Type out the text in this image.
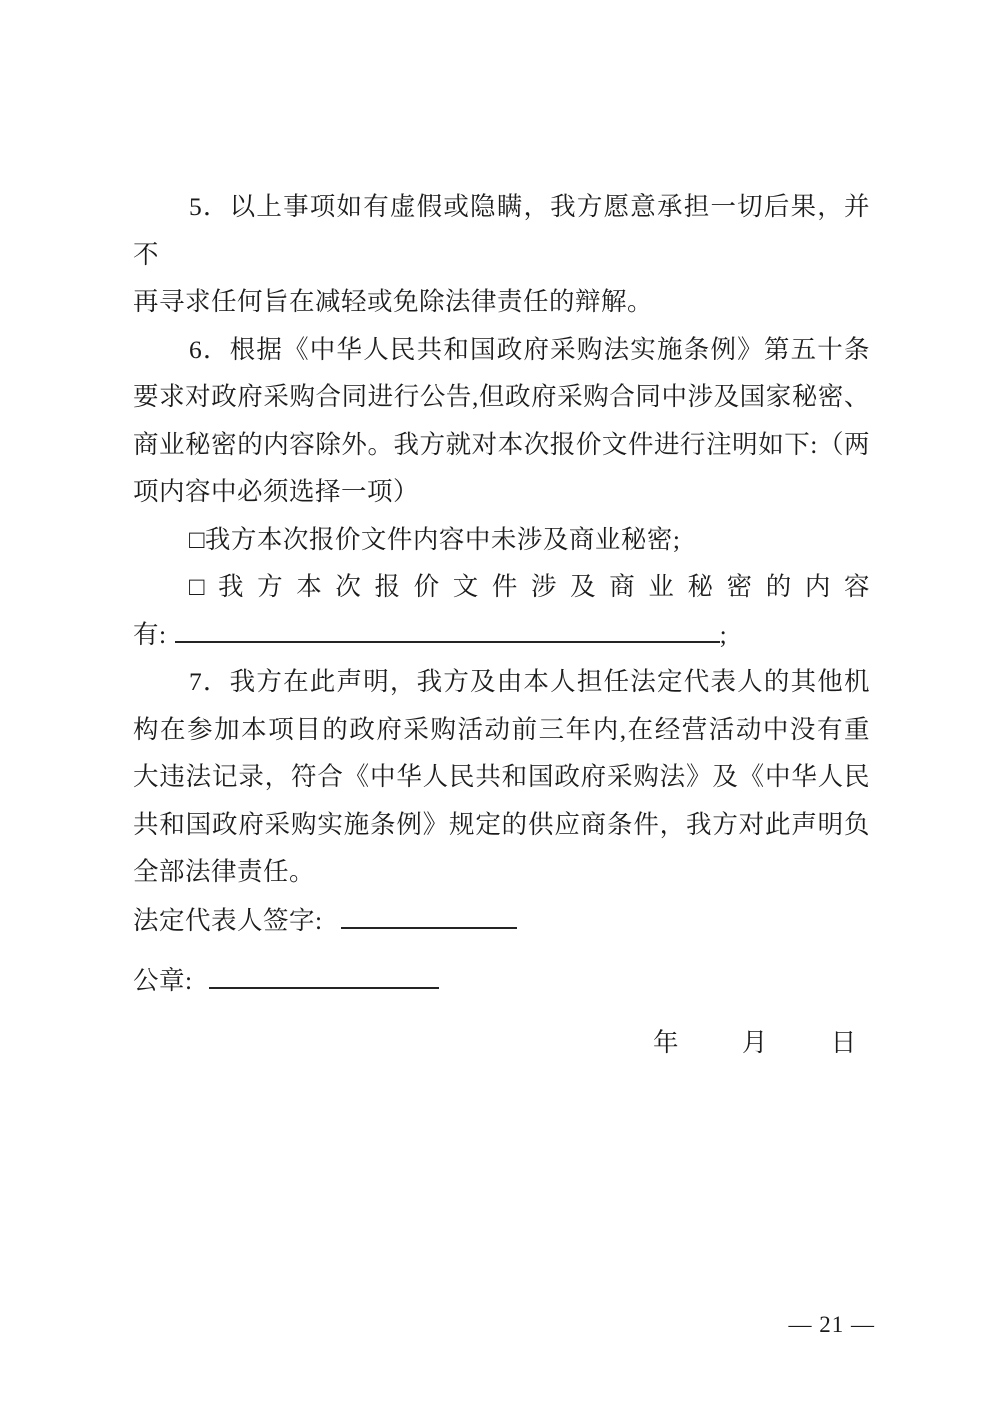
5．以上事项如有虚假或隐瞒，我方愿意承担一切后果，并不
再寻求任何旨在减轻或免除法律责任的辩解。
6．根据《中华人民共和国政府采购法实施条例》第五十条
要求对政府采购合同进行公告,但政府采购合同中涉及国家秘密、
商业秘密的内容除外。我方就对本次报价文件进行注明如下:（两
项内容中必须选择一项）
□我方本次报价文件内容中未涉及商业秘密;
□我方本次报价文件涉及商业秘密的内容
有:	;
7．我方在此声明，我方及由本人担任法定代表人的其他机
构在参加本项目的政府采购活动前三年内,在经营活动中没有重
大违法记录，符合《中华人民共和国政府采购法》及《中华人民
共和国政府采购实施条例》规定的供应商条件，我方对此声明负
全部法律责任。
法定代表人签字:
公章:
年 月 日
— 21 —
